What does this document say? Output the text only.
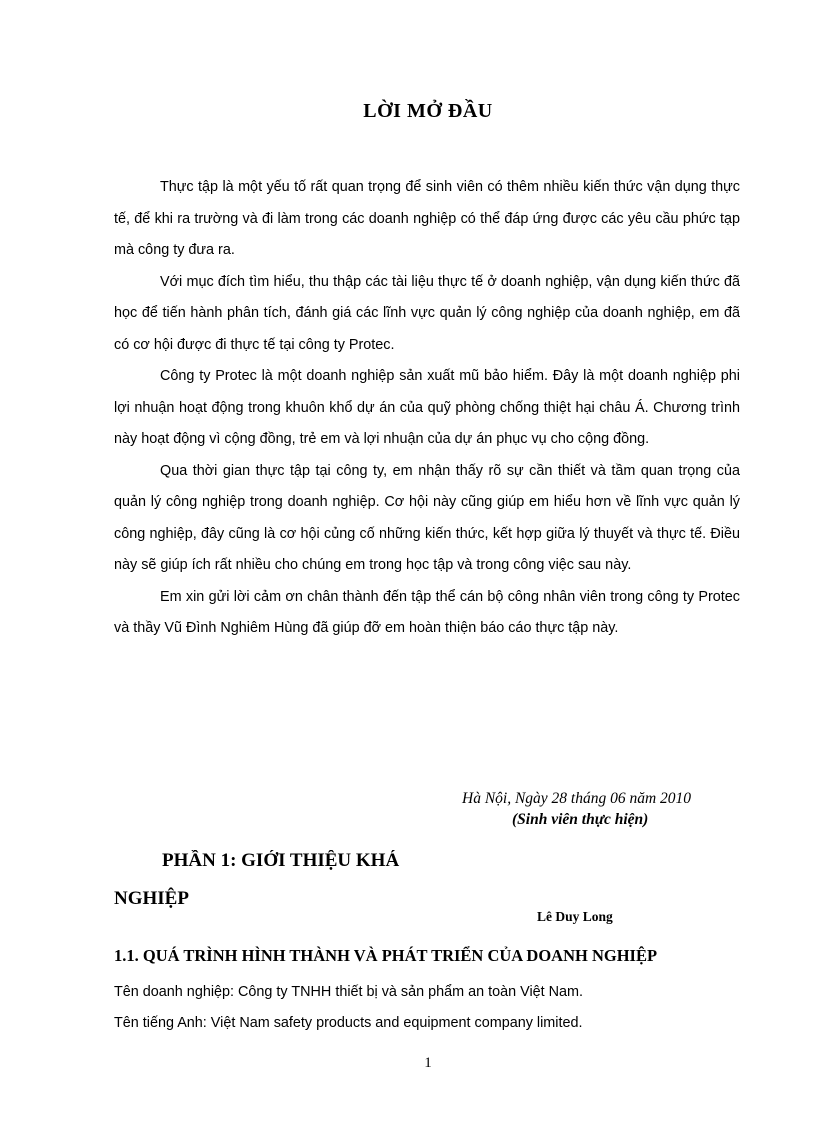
LỜI MỞ ĐẦU

Thực tập là một yếu tố rất quan trọng để sinh viên có thêm nhiều kiến thức vận dụng thực tế, để khi ra trường và đi làm trong các doanh nghiệp có thể đáp ứng được các yêu cầu phức tạp mà công ty đưa ra.

Với mục đích tìm hiểu, thu thập các tài liệu thực tế ở doanh nghiệp, vận dụng kiến thức đã học để tiến hành phân tích, đánh giá các lĩnh vực quản lý công nghiệp của doanh nghiệp, em đã có cơ hội được đi thực tế tại công ty Protec.

Công ty Protec là một doanh nghiệp sản xuất mũ bảo hiểm. Đây là một doanh nghiệp phi lợi nhuận hoạt động trong khuôn khổ dự án của quỹ phòng chống thiệt hại châu Á. Chương trình này hoạt động vì cộng đồng, trẻ em và lợi nhuận của dự án phục vụ cho cộng đồng.

Qua thời gian thực tập tại công ty, em nhận thấy rõ sự cần thiết và tầm quan trọng của quản lý công nghiệp trong doanh nghiệp. Cơ hội này cũng giúp em hiểu hơn về lĩnh vực quản lý công nghiệp, đây cũng là cơ hội củng cố những kiến thức, kết hợp giữa lý thuyết và thực tế. Điều này sẽ giúp ích rất nhiều cho chúng em trong học tập và trong công việc sau này.

Em xin gửi lời cảm ơn chân thành đến tập thể cán bộ công nhân viên trong công ty Protec và thầy Vũ Đình Nghiêm Hùng đã giúp đỡ em hoàn thiện báo cáo thực tập này.

Hà Nội, Ngày 28 tháng 06 năm 2010
(Sinh viên thực hiện)
PHẦN 1: GIỚI THIỆU KHÁ
NGHIỆP
Lê Duy Long
1.1. QUÁ TRÌNH HÌNH THÀNH VÀ PHÁT TRIỂN CỦA DOANH NGHIỆP
Tên doanh nghiệp: Công ty TNHH thiết bị và sản phẩm an toàn Việt Nam.
Tên tiếng Anh: Việt Nam safety products and equipment company limited.
1
